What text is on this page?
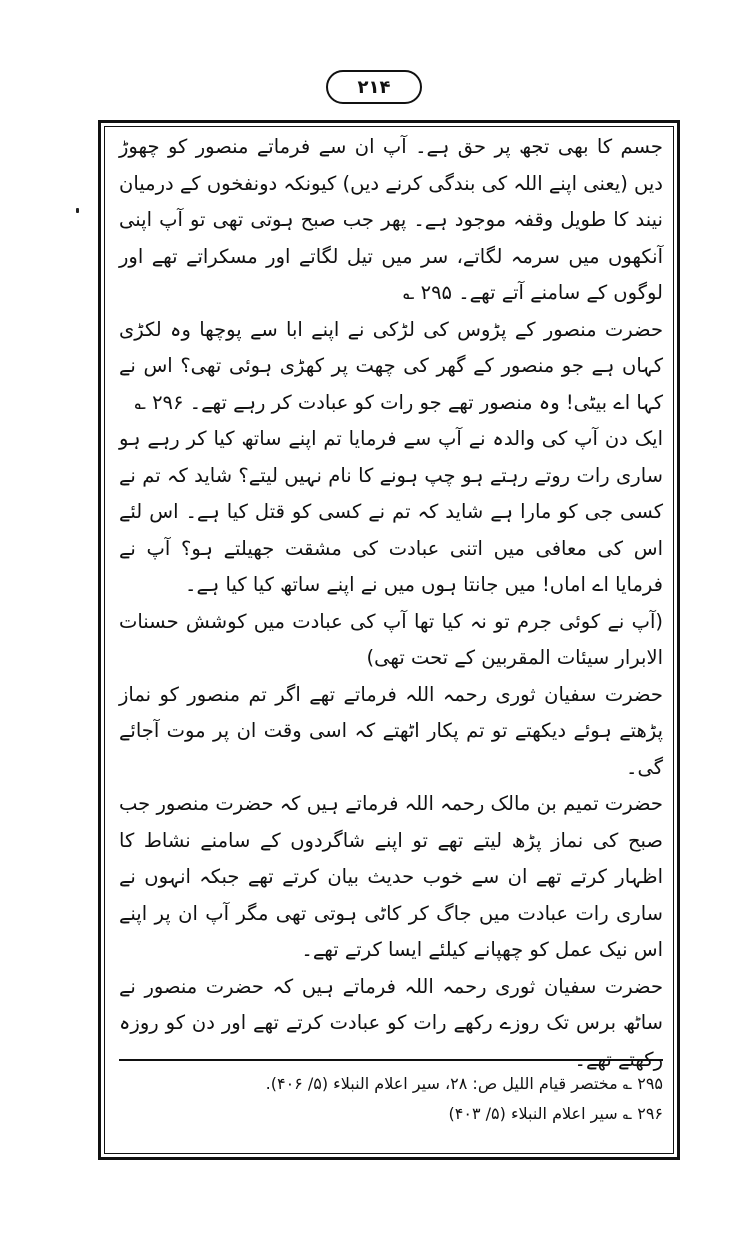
۲۱۴

جسم کا بھی تجھ پر حق ہے۔ آپ ان سے فرماتے منصور کو چھوڑ دیں (یعنی اپنے اللہ کی بندگی کرنے دیں) کیونکہ دونفخوں کے درمیان نیند کا طویل وقفہ موجود ہے۔ پھر جب صبح ہوتی تھی تو آپ اپنی آنکھوں میں سرمہ لگاتے، سر میں تیل لگاتے اور مسکراتے تھے اور لوگوں کے سامنے آتے تھے۔ ۲۹۵ ؎

حضرت منصور کے پڑوس کی لڑکی نے اپنے ابا سے پوچھا وہ لکڑی کہاں ہے جو منصور کے گھر کی چھت پر کھڑی ہوئی تھی؟ اس نے کہا اے بیٹی! وہ منصور تھے جو رات کو عبادت کر رہے تھے۔ ۲۹۶ ؎

ایک دن آپ کی والدہ نے آپ سے فرمایا تم اپنے ساتھ کیا کر رہے ہو ساری رات روتے رہتے ہو چپ ہونے کا نام نہیں لیتے؟ شاید کہ تم نے کسی جی کو مارا ہے شاید کہ تم نے کسی کو قتل کیا ہے۔ اس لئے اس کی معافی میں اتنی عبادت کی مشقت جھیلتے ہو؟ آپ نے فرمایا اے اماں! میں جانتا ہوں میں نے اپنے ساتھ کیا کیا ہے۔

(آپ نے کوئی جرم تو نہ کیا تھا آپ کی عبادت میں کوشش حسنات الابرار سیئات المقربین کے تحت تھی)

حضرت سفیان ثوری رحمہ اللہ فرماتے تھے اگر تم منصور کو نماز پڑھتے ہوئے دیکھتے تو تم پکار اٹھتے کہ اسی وقت ان پر موت آجائے گی۔

حضرت تمیم بن مالک رحمہ اللہ فرماتے ہیں کہ حضرت منصور جب صبح کی نماز پڑھ لیتے تھے تو اپنے شاگردوں کے سامنے نشاط کا اظہار کرتے تھے ان سے خوب حدیث بیان کرتے تھے جبکہ انہوں نے ساری رات عبادت میں جاگ کر کاٹی ہوتی تھی مگر آپ ان پر اپنے اس نیک عمل کو چھپانے کیلئے ایسا کرتے تھے۔

حضرت سفیان ثوری رحمہ اللہ فرماتے ہیں کہ حضرت منصور نے ساٹھ برس تک روزے رکھے رات کو عبادت کرتے تھے اور دن کو روزہ رکھتے تھے۔

۲۹۵ ؎ مختصر قیام اللیل ص: ۲۸، سیر اعلام النبلاء (۵/ ۴۰۶).
۲۹۶ ؎ سیر اعلام النبلاء (۵/ ۴۰۳)
